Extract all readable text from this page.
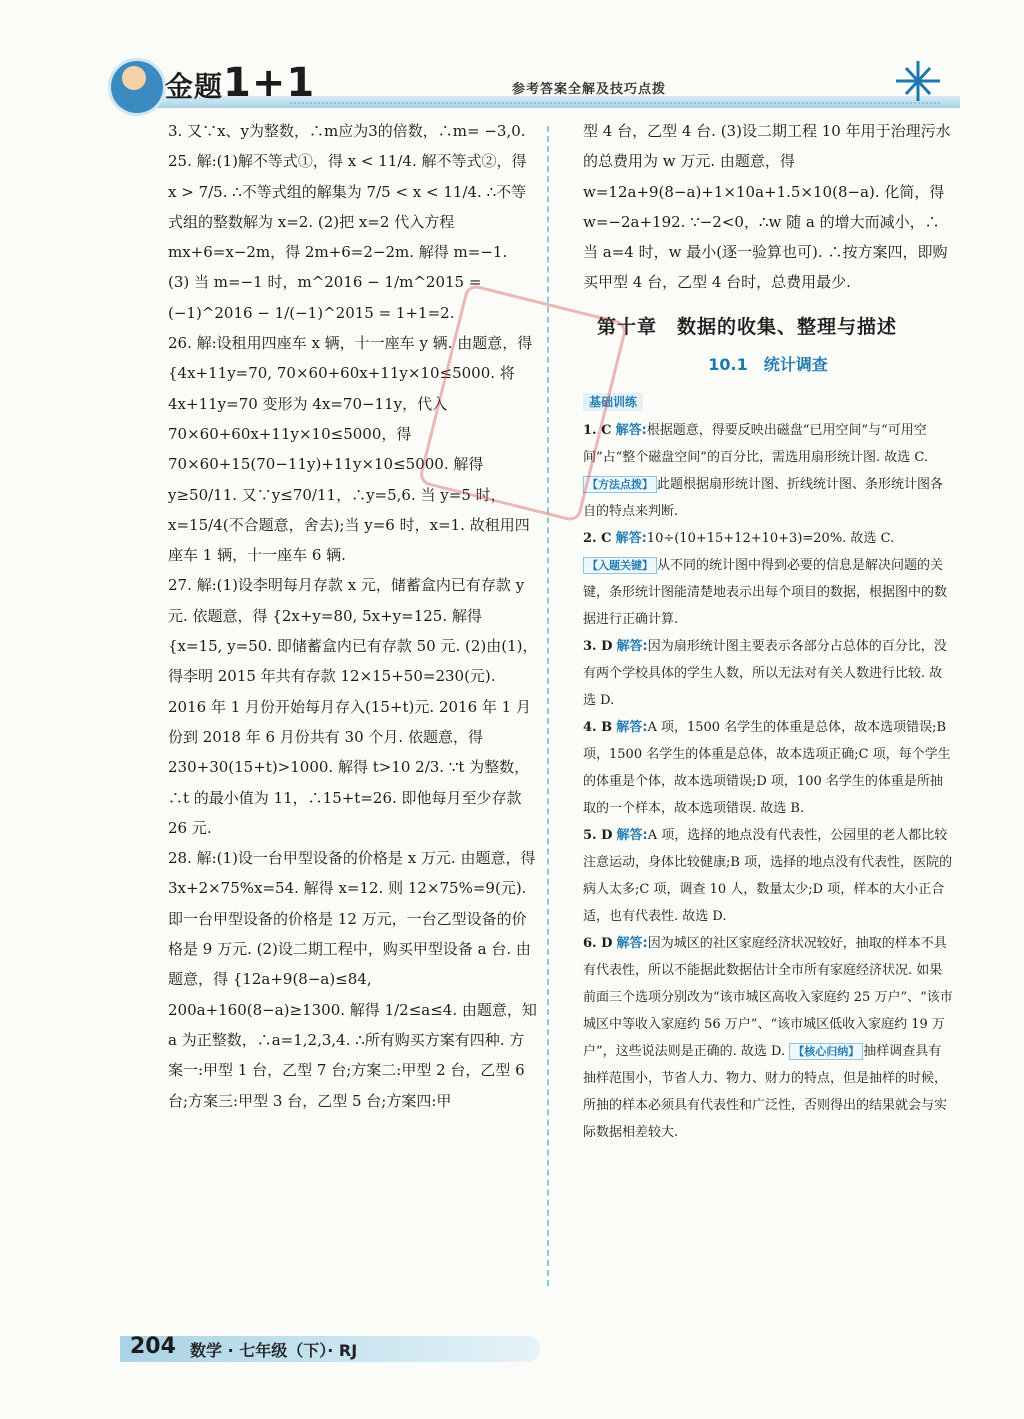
金题1+1	参考答案全解及技巧点拨

3. 又∵x、y为整数，∴m应为3的倍数，∴m= −3,0.

25. 解:(1)解不等式①，得 x < 11/4. 解不等式②，得 x > 7/5. ∴不等式组的解集为 7/5 < x < 11/4. ∴不等式组的整数解为 x=2. (2)把 x=2 代入方程 mx+6=x−2m，得 2m+6=2−2m. 解得 m=−1.

(3) 当 m=−1 时，m^2016 − 1/m^2015 = (−1)^2016 − 1/(−1)^2015 = 1+1=2.

26. 解:设租用四座车 x 辆，十一座车 y 辆. 由题意，得 {4x+11y=70, 70×60+60x+11y×10≤5000. 将 4x+11y=70 变形为 4x=70−11y，代入 70×60+60x+11y×10≤5000，得 70×60+15(70−11y)+11y×10≤5000. 解得 y≥50/11. 又∵y≤70/11，∴y=5,6. 当 y=5 时，x=15/4(不合题意，舍去);当 y=6 时，x=1. 故租用四座车 1 辆，十一座车 6 辆.

27. 解:(1)设李明每月存款 x 元，储蓄盒内已有存款 y 元. 依题意，得 {2x+y=80, 5x+y=125. 解得 {x=15, y=50. 即储蓄盒内已有存款 50 元. (2)由(1)，得李明 2015 年共有存款 12×15+50=230(元). 2016 年 1 月份开始每月存入(15+t)元. 2016 年 1 月份到 2018 年 6 月份共有 30 个月. 依题意，得 230+30(15+t)>1000. 解得 t>10 2/3. ∵t 为整数，∴t 的最小值为 11，∴15+t=26. 即他每月至少存款 26 元.

28. 解:(1)设一台甲型设备的价格是 x 万元. 由题意，得 3x+2×75%x=54. 解得 x=12. 则 12×75%=9(元). 即一台甲型设备的价格是 12 万元，一台乙型设备的价格是 9 万元. (2)设二期工程中，购买甲型设备 a 台. 由题意，得 {12a+9(8−a)≤84, 200a+160(8−a)≥1300. 解得 1/2≤a≤4. 由题意，知 a 为正整数，∴a=1,2,3,4. ∴所有购买方案有四种. 方案一:甲型 1 台，乙型 7 台;方案二:甲型 2 台，乙型 6 台;方案三:甲型 3 台，乙型 5 台;方案四:甲

型 4 台，乙型 4 台. (3)设二期工程 10 年用于治理污水的总费用为 w 万元. 由题意，得 w=12a+9(8−a)+1×10a+1.5×10(8−a). 化简，得 w=−2a+192. ∵−2<0，∴w 随 a 的增大而减小，∴当 a=4 时，w 最小(逐一验算也可). ∴按方案四，即购买甲型 4 台，乙型 4 台时，总费用最少.

第十章　数据的收集、整理与描述

10.1　统计调查

基础训练

1. C 解答:根据题意，得要反映出磁盘“已用空间”与“可用空间”占“整个磁盘空间”的百分比，需选用扇形统计图. 故选 C. 【方法点拨】 此题根据扇形统计图、折线统计图、条形统计图各自的特点来判断.

2. C 解答:10÷(10+15+12+10+3)=20%. 故选 C. 【入题关键】 从不同的统计图中得到必要的信息是解决问题的关键，条形统计图能清楚地表示出每个项目的数据，根据图中的数据进行正确计算.

3. D 解答:因为扇形统计图主要表示各部分占总体的百分比，没有两个学校具体的学生人数，所以无法对有关人数进行比较. 故选 D.

4. B 解答:A 项，1500 名学生的体重是总体，故本选项错误;B 项，1500 名学生的体重是总体，故本选项正确;C 项，每个学生的体重是个体，故本选项错误;D 项，100 名学生的体重是所抽取的一个样本，故本选项错误. 故选 B.

5. D 解答:A 项，选择的地点没有代表性，公园里的老人都比较注意运动，身体比较健康;B 项，选择的地点没有代表性，医院的病人太多;C 项，调查 10 人，数量太少;D 项，样本的大小正合适，也有代表性. 故选 D.

6. D 解答:因为城区的社区家庭经济状况较好，抽取的样本不具有代表性，所以不能据此数据估计全市所有家庭经济状况. 如果前面三个选项分别改为“该市城区高收入家庭约 25 万户”、“该市城区中等收入家庭约 56 万户”、“该市城区低收入家庭约 19 万户”，这些说法则是正确的. 故选 D. 【核心归纳】 抽样调查具有抽样范围小，节省人力、物力、财力的特点，但是抽样的时候，所抽的样本必须具有代表性和广泛性，否则得出的结果就会与实际数据相差较大.

204 数学 · 七年级（下）· RJ
